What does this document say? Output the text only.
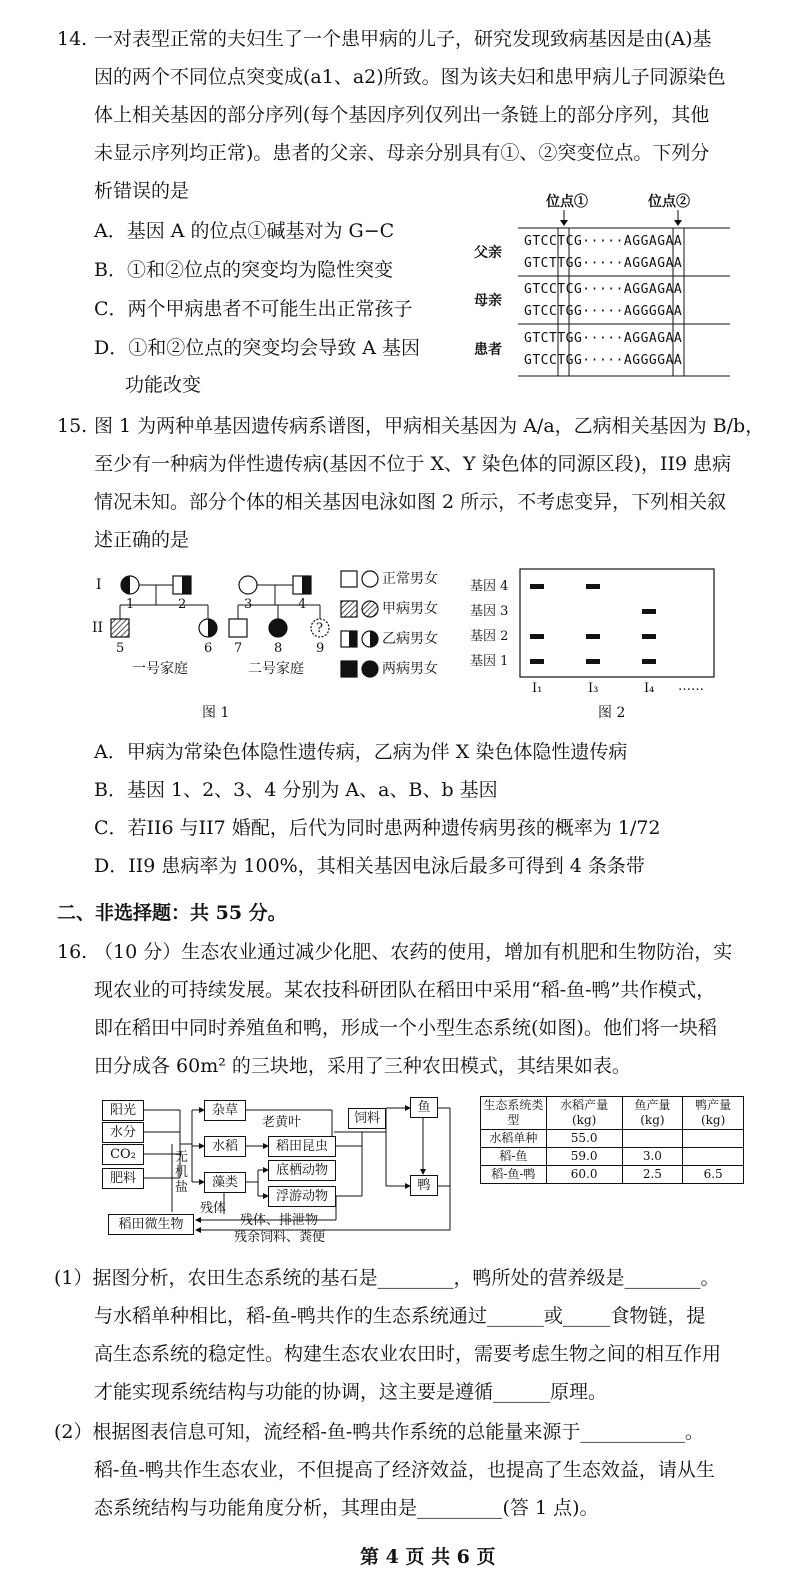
14. 一对表型正常的夫妇生了一个患甲病的儿子，研究发现致病基因是由(A)基
因的两个不同位点突变成(a1、a2)所致。图为该夫妇和患甲病儿子同源染色
体上相关基因的部分序列(每个基因序列仅列出一条链上的部分序列，其他
未显示序列均正常)。患者的父亲、母亲分别具有①、②突变位点。下列分
析错误的是
A．基因 A 的位点①碱基对为 G−C
B．①和②位点的突变均为隐性突变
C．两个甲病患者不可能生出正常孩子
D．①和②位点的突变均会导致 A 基因
功能改变
位点①	位点②
父亲
GTCCTCG·····AGGAGAA
GTCTTGG·····AGGAGAA
母亲
GTCCTCG·····AGGAGAA
GTCCTGG·····AGGGGAA
患者
GTCTTGG·····AGGAGAA
GTCCTGG·····AGGGGAA
15. 图 1 为两种单基因遗传病系谱图，甲病相关基因为 A/a，乙病相关基因为 B/b，
至少有一种病为伴性遗传病(基因不位于 X、Y 染色体的同源区段)，II9 患病
情况未知。部分个体的相关基因电泳如图 2 所示，不考虑变异，下列相关叙
述正确的是
I
II
1	2	3	4
5	6 7 8	9
?
一号家庭	二号家庭
正常男女
甲病男女
乙病男女
两病男女
图 1
基因 4
基因 3
基因 2
基因 1
I₁	I₃	I₄ ……
图 2
A．甲病为常染色体隐性遗传病，乙病为伴 X 染色体隐性遗传病
B．基因 1、2、3、4 分别为 A、a、B、b 基因
C．若II6 与II7 婚配，后代为同时患两种遗传病男孩的概率为 1/72
D．II9 患病率为 100%，其相关基因电泳后最多可得到 4 条条带
二、非选择题：共 55 分。
16. （10 分）生态农业通过减少化肥、农药的使用，增加有机肥和生物防治，实
现农业的可持续发展。某农技科研团队在稻田中采用“稻-鱼-鸭”共作模式，
即在稻田中同时养殖鱼和鸭，形成一个小型生态系统(如图)。他们将一块稻
田分成各 60m² 的三块地，采用了三种农田模式，其结果如表。
阳光
水分
CO₂
肥料
杂草
水稻
藻类
稻田昆虫
底栖动物
浮游动物
老黄叶	饲料
鱼
鸭
稻田微生物
无机盐
残体
残体、排泄物
残余饲料、粪便
生态系统类型	水稻产量(kg)	鱼产量(kg)	鸭产量(kg)
水稻单种	55.0		
稻-鱼	59.0	3.0	
稻-鱼-鸭	60.0	2.5	6.5
(1）据图分析，农田生态系统的基石是________，鸭所处的营养级是________。
与水稻单种相比，稻-鱼-鸭共作的生态系统通过______或_____食物链，提
高生态系统的稳定性。构建生态农业农田时，需要考虑生物之间的相互作用
才能实现系统结构与功能的协调，这主要是遵循______原理。
(2）根据图表信息可知，流经稻-鱼-鸭共作系统的总能量来源于___________。
稻-鱼-鸭共作生态农业，不但提高了经济效益，也提高了生态效益，请从生
态系统结构与功能角度分析，其理由是_________(答 1 点)。
第 4 页 共 6 页
